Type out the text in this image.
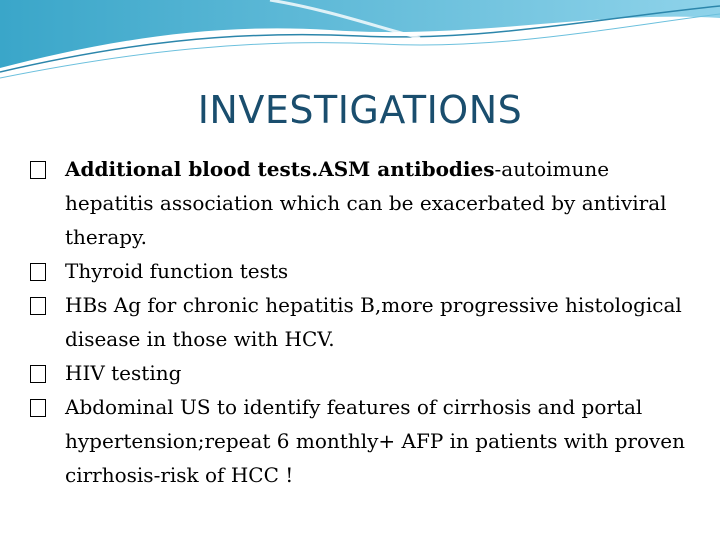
INVESTIGATIONS
▢
Additional blood tests.ASM antibodies-autoimune hepatitis association which can be exacerbated by antiviral therapy.
▢
Thyroid function tests
▢
HBs Ag for chronic hepatitis B,more progressive histological disease in those with HCV.
▢
HIV testing
▢
Abdominal US to identify features of cirrhosis and portal hypertension;repeat 6 monthly+ AFP in patients with proven cirrhosis-risk of HCC !
